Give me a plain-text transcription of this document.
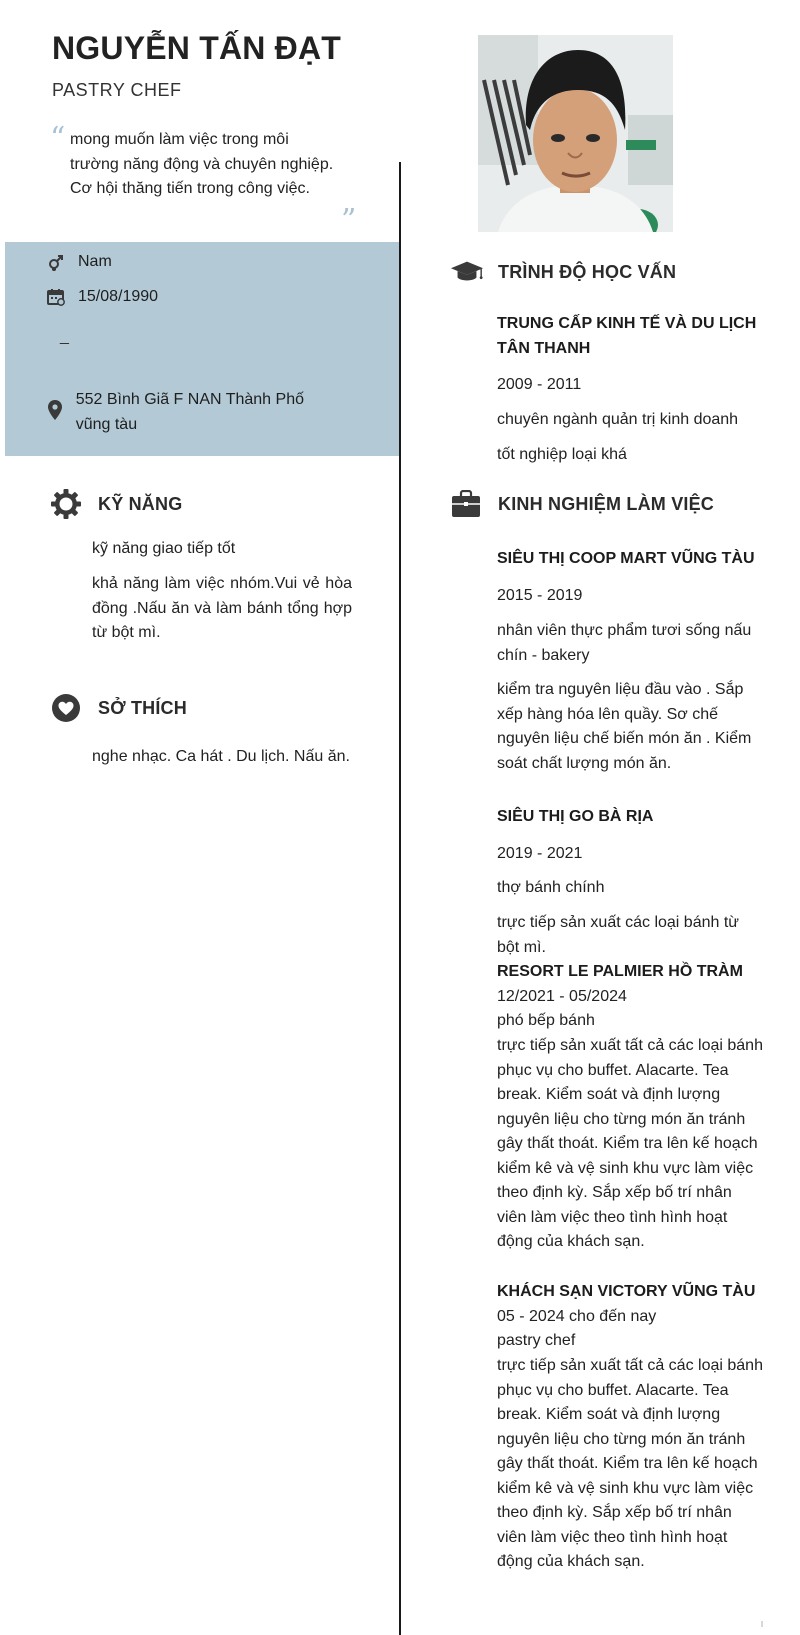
NGUYỄN TẤN ĐẠT
PASTRY CHEF
“ mong muốn làm việc trong môi trường năng động và chuyên nghiệp. Cơ hội thăng tiến trong công việc.
”
Nam
15/08/1990
_
552 Bình Giã F NAN Thành Phố vũng tàu
KỸ NĂNG
kỹ năng giao tiếp tốt
khả năng làm việc nhóm.Vui vẻ hòa đồng .Nấu ăn và làm bánh tổng hợp từ bột mì.
SỞ THÍCH
nghe nhạc. Ca hát . Du lịch. Nấu ăn.
TRÌNH ĐỘ HỌC VẤN
TRUNG CẤP KINH TẾ VÀ DU LỊCH TÂN THANH
2009 - 2011
chuyên ngành quản trị kinh doanh
tốt nghiệp loại khá
KINH NGHIỆM LÀM VIỆC
SIÊU THỊ COOP MART VŨNG TÀU
2015 - 2019
nhân viên thực phẩm tươi sống nấu chín - bakery
kiểm tra nguyên liệu đầu vào . Sắp xếp hàng hóa lên quầy. Sơ chế nguyên liệu chế biến món ăn . Kiểm soát chất lượng món ăn.
SIÊU THỊ GO BÀ RỊA
2019 - 2021
thợ bánh chính
trực tiếp sản xuất các loại bánh từ bột mì.
RESORT LE PALMIER HỒ TRÀM
12/2021 - 05/2024
phó bếp bánh
trực tiếp sản xuất tất cả các loại bánh phục vụ cho buffet. Alacarte. Tea break. Kiểm soát và định lượng nguyên liệu cho từng món ăn tránh gây thất thoát. Kiểm tra lên kế hoạch kiểm kê và vệ sinh khu vực làm việc theo định kỳ. Sắp xếp bố trí nhân viên làm việc theo tình hình hoạt động của khách sạn.
KHÁCH SẠN VICTORY VŨNG TÀU
05 - 2024 cho đến nay
pastry chef
trực tiếp sản xuất tất cả các loại bánh phục vụ cho buffet. Alacarte. Tea break. Kiểm soát và định lượng nguyên liệu cho từng món ăn tránh gây thất thoát. Kiểm tra lên kế hoạch kiểm kê và vệ sinh khu vực làm việc theo định kỳ. Sắp xếp bố trí nhân viên làm việc theo tình hình hoạt động của khách sạn.
